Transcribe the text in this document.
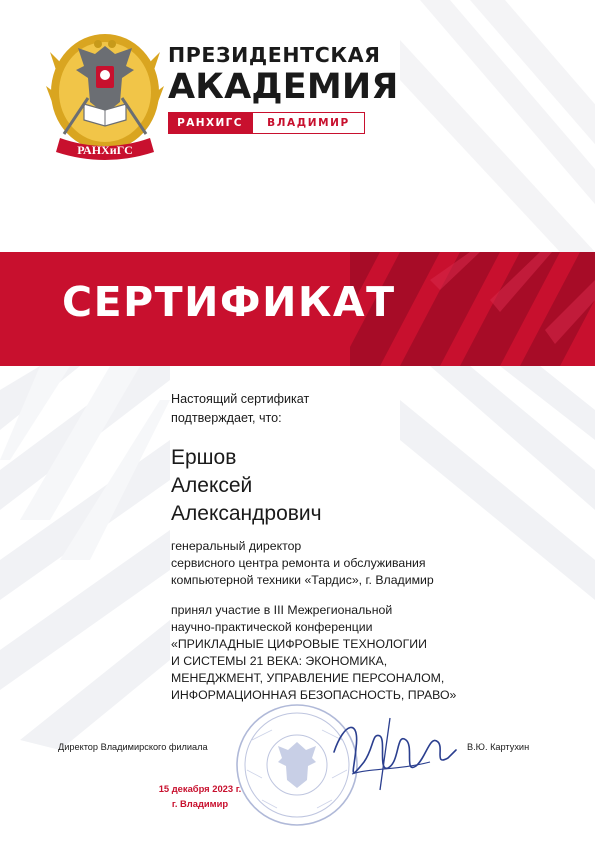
РАНХиГС
ПРЕЗИДЕНТСКАЯ
АКАДЕМИЯ
РАНХИГС	ВЛАДИМИР
СЕРТИФИКАТ
Настоящий сертификат
подтверждает, что:
Ершов
Алексей
Александрович
генеральный директор
сервисного центра ремонта и обслуживания
компьютерной техники «Тардис», г. Владимир
принял участие в III Межрегиональной
научно-практической конференции
«ПРИКЛАДНЫЕ ЦИФРОВЫЕ ТЕХНОЛОГИИ
И СИСТЕМЫ 21 ВЕКА: ЭКОНОМИКА,
МЕНЕДЖМЕНТ, УПРАВЛЕНИЕ ПЕРСОНАЛОМ,
ИНФОРМАЦИОННАЯ БЕЗОПАСНОСТЬ, ПРАВО»
Директор Владимирского филиала	В.Ю. Картухин
15 декабря 2023 г.
г. Владимир
